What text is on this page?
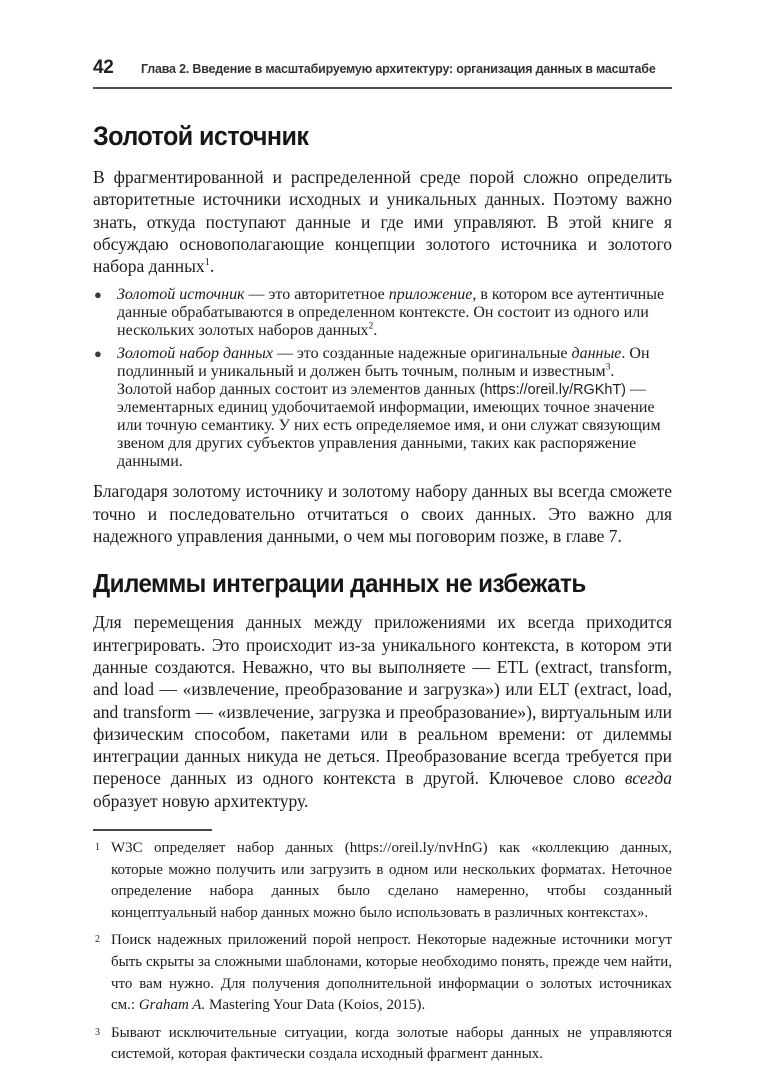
42 Глава 2. Введение в масштабируемую архитектуру: организация данных в масштабе
Золотой источник

В фрагментированной и распределенной среде порой сложно определить авторитетные источники исходных и уникальных данных. Поэтому важно знать, откуда поступают данные и где ими управляют. В этой книге я обсуждаю основополагающие концепции золотого источника и золотого набора данных$^1$.

● Золотой источник — это авторитетное приложение, в котором все аутентичные данные обрабатываются в определенном контексте. Он состоит из одного или нескольких золотых наборов данных$^2$.
● Золотой набор данных — это созданные надежные оригинальные данные. Он подлинный и уникальный и должен быть точным, полным и известным$^3$. Золотой набор данных состоит из элементов данных (https://oreil.ly/RGKhT) — элементарных единиц удобочитаемой информации, имеющих точное значение или точную семантику. У них есть определяемое имя, и они служат связующим звеном для других субъектов управления данными, таких как распоряжение данными.

Благодаря золотому источнику и золотому набору данных вы всегда сможете точно и последовательно отчитаться о своих данных. Это важно для надежного управления данными, о чем мы поговорим позже, в главе 7.

Дилеммы интеграции данных не избежать

Для перемещения данных между приложениями их всегда приходится интегрировать. Это происходит из-за уникального контекста, в котором эти данные создаются. Неважно, что вы выполняете — ETL (extract, transform, and load — «извлечение, преобразование и загрузка») или ELT (extract, load, and transform — «извлечение, загрузка и преобразование»), виртуальным или физическим способом, пакетами или в реальном времени: от дилеммы интеграции данных никуда не деться. Преобразование всегда требуется при переносе данных из одного контекста в другой. Ключевое слово всегда образует новую архитектуру.

1 W3C определяет набор данных (https://oreil.ly/nvHnG) как «коллекцию данных, которые можно получить или загрузить в одном или нескольких форматах. Неточное определение набора данных было сделано намеренно, чтобы созданный концептуальный набор данных можно было использовать в различных контекстах».
2 Поиск надежных приложений порой непрост. Некоторые надежные источники могут быть скрыты за сложными шаблонами, которые необходимо понять, прежде чем найти, что вам нужно. Для получения дополнительной информации о золотых источниках см.: Graham A. Mastering Your Data (Koios, 2015).
3 Бывают исключительные ситуации, когда золотые наборы данных не управляются системой, которая фактически создала исходный фрагмент данных.
